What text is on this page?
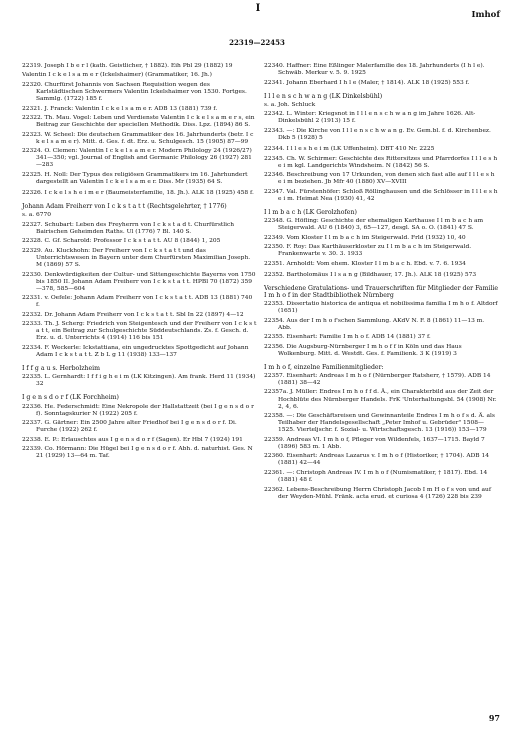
I
Imhof
22319—22453
22319. Joseph I b e r l (kath. Geistlicher, † 1882). Eih Pbl 29 (1882) 19
Valentin I c k e l s a m e r (Ickelshaimer) (Grammatiker, 16. Jh.)
22320. Churfürst Johannis von Sachsen Requisition wegen des Karlstädtischen Schwermers Valentin Ickelshaimer von 1530. Fortges. Sammlg. (1722) 185 f.
22321. J. Franck: Valentin I c k e l s a m e r. ADB 13 (1881) 739 f.
22322. Th. Mau. Vogel: Leben und Verdienste Valentin I c k e l s a m e r s, ein Beitrag zur Geschichte der speciellen Methodik. Diss. Lpz. (1894) 86 S.
22323. W. Scheel: Die deutschen Grammatiker des 16. Jahrhunderts (betr. I c k e l s a m e r). Mitt. d. Ges. f. dt. Erz. u. Schulgesch. 15 (1905) 87—99
22324. O. Clemen: Valentin I c k e l s a m e r. Modern Philology 24 (1926/27) 341—350; vgl. Journal of English and Germanic Philology 26 (1927) 281—283
22325. H. Noll: Der Typus des religiösen Grammatikers im 16. Jahrhundert dargestellt an Valentin I c k e l s a m e r. Diss. Mr (1935) 64 S.
22326. I c k e l s h e i m e r (Baumeisterfamilie, 18. Jh.). ALK 18 (1925) 458 f.
Johann Adam Freiherr von I c k s t a t t (Rechtsgelehrter, † 1776)
s. a. 6770
22327. Schubart: Leben des Freyherrn von I c k s t a d t. Churfürstlich Bairischen Geheimden Raths. Ul (1776) 7 Bl. 140 S.
22328. C. Gf. Scharold: Professor I c k s t a t t. AU 8 (1844) 1, 205
22329. Au. Kluckhohn: Der Freiherr von I c k s t a t t und das Unterrichtswesen in Bayern unter dem Churfürsten Maximilian Joseph. M (1869) 57 S.
22330. Denkwürdigkeiten der Cultur- und Sittengeschichte Bayerns von 1750 bis 1850 II. Johann Adam Freiherr von I c k s t a t t. HPBl 70 (1872) 359—378, 585—604
22331. v. Oefele: Johann Adam Freiherr von I c k s t a t t. ADB 13 (1881) 740 f.
22332. Dr. Johann Adam Freiherr von I c k s t a t t. Sbl In 22 (1897) 4—12
22333. Th. J. Scherg: Friedrich von Steigentesch und der Freiherr von I c k s t a t t, ein Beitrag zur Schulgeschichte Süddeutschlands. Zs. f. Gesch. d. Erz. u. d. Unterrichts 4 (1914) 116 bis 151
22334. F. Weckerle: Ickstattiana, ein ungedrucktes Spottgedicht auf Johann Adam I c k s t a t t. Z b L g 11 (1938) 133—137
I f f g a u s. Herbolzheim
22335. L. Gernhardt: I f f i g h e i m (LK Kitzingen). Am frank. Herd 11 (1934) 32
I g e n s d o r f (LK Forchheim)
22336. He. Federschmidt: Eine Nekropole der Hallstattzeit (bei I g e n s d o r f). Sonntagskurier N (1922) 205 f.
22337. G. Gärtner: Ein 2500 Jahre alter Friedhof bei I g e n s d o r f. Di. Furche (1922) 262 f.
22338. E. P.: Erlauschtes aus I g e n s d o r f (Sagen). Er Hbl 7 (1924) 191
22339. Co. Hörmann: Die Hügel bei I g e n s d o r f. Abh. d. naturhist. Ges. N 21 (1929) 13—64 m. Taf.
22340. Haffner: Eine Eßlinger Malerfamilie des 18. Jahrhunderts (I h l e). Schwäb. Merkur v. 5. 9. 1925
22341. Johann Eberhard I h l e (Maler, † 1814). ALK 18 (1925) 553 f.
I l l e n s c h w a n g (LK Dinkelsbühl)
s. a. Joh. Schluck
22342. L. Winter: Kriegsnot in I l l e n s c h w a n g im Jahre 1626. Alt-Dinkelsbühl 2 (1913) 15 f.
22343. —: Die Kirche von I l l e n s c h w a n g. Ev. Gem.bl. f. d. Kirchenbez. Dkb 5 (1928) 5
22344. I l l e s h e i m (LK Uffenheim). DBT 410 Nr. 2225
22345. Ch. W. Schirmer: Geschichte des Rittersitzes und Pfarrdorfes I l l e s h e i m kgl. Landgerichts Windsheim. N (1842) 56 S.
22346. Beschreibung von 17 Urkunden, von denen sich fast alle auf I l l e s h e i m beziehen. Jb Mfr 40 (1880) XV—XVIII
22347. Val. Fürstenhöfer: Schloß Röllinghausen und die Schlösser in I l l e s h e i m. Heimat Nea (1930) 41, 42
I l m b a c h (LK Gerolzhofen)
22348. G. Höfling: Geschichte der ehemaligen Karthause I l m b a c h am Steigerwald. AU 6 (1840) 3, 65—127, desgl. SA o. O. (1841) 47 S.
22349. Vom Kloster I l m b a c h im Steigerwald. Frld (1932) 10, 40
22350. F. Roy: Das Karthäuserkloster zu I l m b a c h im Steigerwald. Frankenwarte v. 30. 3. 1933
22351. Arnholdt: Vom ehem. Kloster I l m b a c h. Ebd. v. 7. 6. 1934
22352. Bartholomäus I l s a n g (Bildhauer, 17. Jh.). ALK 18 (1925) 573
Verschiedene Gratulations- und Trauerschriften für Mitglieder der Familie I m h o f in der Stadtbibliothek Nürnberg
22353. Dissertatio historica de antiqua et nobilissima familia I m h o f. Altdorf (1651)
22354. Aus der I m h o f'schen Sammlung. AKdV N. F. 8 (1861) 11—13 m. Abb.
22355. Eisenhart: Familie I m h o f. ADB 14 (1881) 37 f.
22356. Die Augsburg-Nürnberger I m h o f f in Köln und das Haus Wolkenburg. Mitt. d. Westdt. Ges. f. Familienk. 3 K (1919) 3
I m h o f, einzelne Familienmitglieder:
22357. Eisenhart: Andreas I m h o f (Nürnberger Ratsherr, † 1579). ADB 14 (1881) 38—42
22357a. J. Müller: Endres I m h o f f d. Ä., ein Charakterbild aus der Zeit der Hochblüte des Nürnberger Handels. FrK 'Unterhaltungsbl. 54 (1908) Nr. 2, 4, 6.
22358. —: Die Geschäftsreisen und Gewinnanteile Endres I m h o f s d. Ä. als Teilhaber der Handelsgesellschaft „Peter Imhof u. Gebrüder" 1508—1525. Vierteljschr. f. Sozial- u. Wirtschaftsgesch. 13 (1916)) 153—179
22359. Andreas VI. I m h o f, Pfleger von Wildenfels, 1637—1715. Bayld 7 (1896) 583 m. 1 Abb.
22360. Eisenhart: Andreas Lazarus v. I m h o f (Historiker, † 1704). ADB 14 (1881) 42—44
22361. —: Christoph Andreas IV. I m h o f (Numismatiker, † 1817). Ebd. 14 (1881) 48 f.
22362. Lebens-Beschreibung Herrn Christoph Jacob I m H o f s von und auf der Weyden-Mühl. Fränk. acta erud. et curiosa 4 (1726) 228 bis 239
97
